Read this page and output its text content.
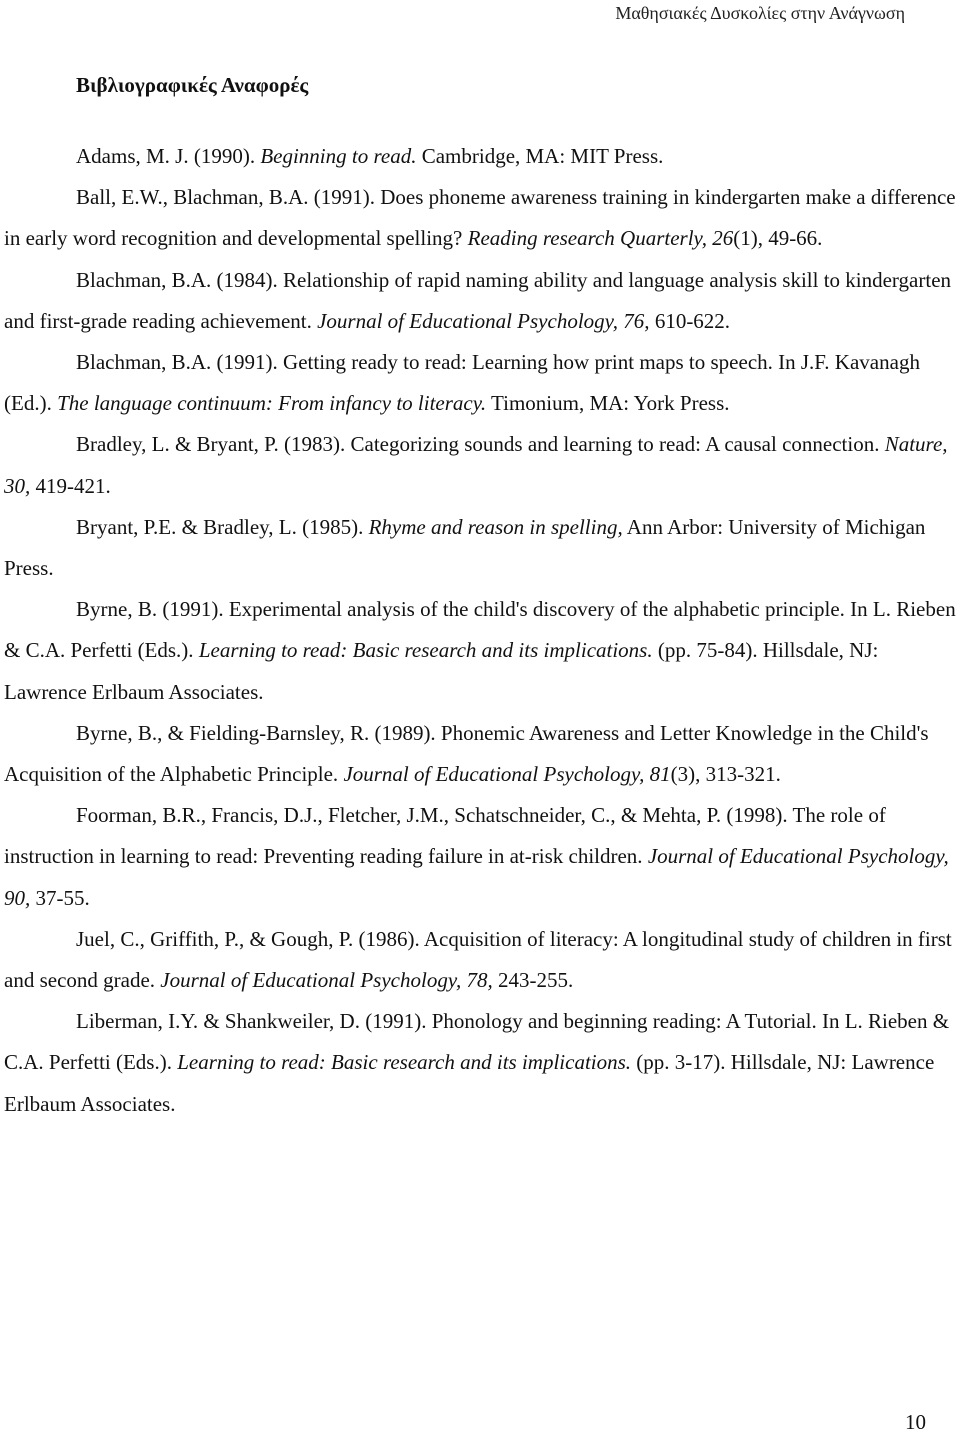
Μαθησιακές Δυσκολίες στην Ανάγνωση
Βιβλιογραφικές Αναφορές

Adams, M. J. (1990). Beginning to read. Cambridge, MA: MIT Press.

Ball, E.W., Blachman, B.A. (1991). Does phoneme awareness training in kindergarten make a difference in early word recognition and developmental spelling? Reading research Quarterly, 26(1), 49-66.

Blachman, B.A. (1984). Relationship of rapid naming ability and language analysis skill to kindergarten and first-grade reading achievement. Journal of Educational Psychology, 76, 610-622.

Blachman, B.A. (1991). Getting ready to read: Learning how print maps to speech. In J.F. Kavanagh (Ed.). The language continuum: From infancy to literacy. Timonium, MA: York Press.

Bradley, L. & Bryant, P. (1983). Categorizing sounds and learning to read: A causal connection. Nature, 30, 419-421.

Bryant, P.E. & Bradley, L. (1985). Rhyme and reason in spelling, Ann Arbor: University of Michigan Press.

Byrne, B. (1991). Experimental analysis of the child's discovery of the alphabetic principle. In L. Rieben & C.A. Perfetti (Eds.). Learning to read: Basic research and its implications. (pp. 75-84). Hillsdale, NJ: Lawrence Erlbaum Associates.

Byrne, B., & Fielding-Barnsley, R. (1989). Phonemic Awareness and Letter Knowledge in the Child's Acquisition of the Alphabetic Principle. Journal of Educational Psychology, 81(3), 313-321.

Foorman, B.R., Francis, D.J., Fletcher, J.M., Schatschneider, C., & Mehta, P. (1998). The role of instruction in learning to read: Preventing reading failure in at-risk children. Journal of Educational Psychology, 90, 37-55.

Juel, C., Griffith, P., & Gough, P. (1986). Acquisition of literacy: A longitudinal study of children in first and second grade. Journal of Educational Psychology, 78, 243-255.

Liberman, I.Y. & Shankweiler, D. (1991). Phonology and beginning reading: A Tutorial. In L. Rieben & C.A. Perfetti (Eds.). Learning to read: Basic research and its implications. (pp. 3-17). Hillsdale, NJ: Lawrence Erlbaum Associates.

10
